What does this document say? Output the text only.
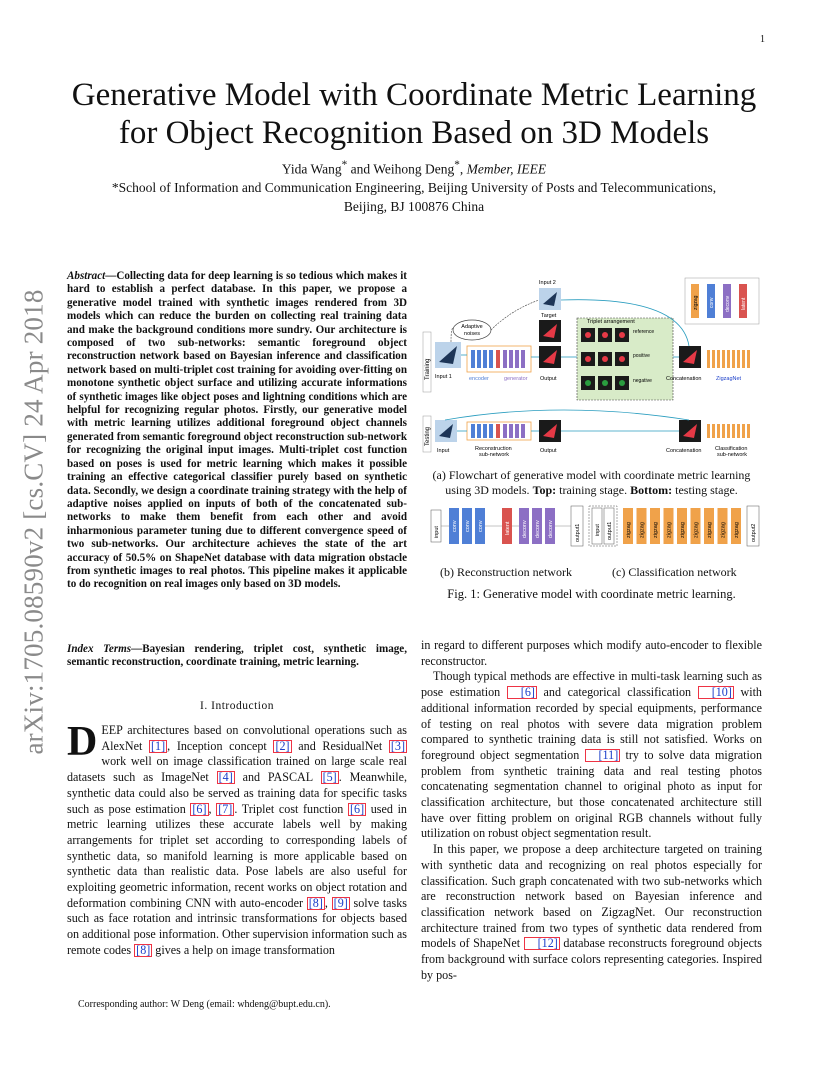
1
arXiv:1705.08590v2 [cs.CV] 24 Apr 2018
Generative Model with Coordinate Metric Learning
for Object Recognition Based on 3D Models
Yida Wang* and Weihong Deng*, Member, IEEE
*School of Information and Communication Engineering, Beijing University of Posts and Telecommunications,
Beijing, BJ 100876 China
Abstract—Collecting data for deep learning is so tedious which makes it hard to establish a perfect database. In this paper, we propose a generative model trained with synthetic images rendered from 3D models which can reduce the burden on collecting real training data and make the background conditions more sundry. Our architecture is composed of two sub-networks: semantic foreground object reconstruction network based on Bayesian inference and classification network based on multi-triplet cost training for avoiding over-fitting on monotone synthetic object surface and utilizing accurate informations of synthetic images like object poses and lightning conditions which are helpful for recognizing regular photos. Firstly, our generative model with metric learning utilizes additional foreground object channels generated from semantic foreground object reconstruction sub-network for recognizing the original input images. Multi-triplet cost function based on poses is used for metric learning which makes it possible training an effective categorical classifier purely based on synthetic data. Secondly, we design a coordinate training strategy with the help of adaptive noises applied on inputs of both of the concatenated sub-networks to make them benefit from each other and avoid inharmonious parameter tuning due to different convergence speed of two sub-networks. Our architecture achieves the state of the art accuracy of 50.5% on ShapeNet database with data migration obstacle from synthetic images to real photos. This pipeline makes it applicable to do recognition on real images only based on 3D models.
Index Terms—Bayesian rendering, triplet cost, synthetic image, semantic reconstruction, coordinate training, metric learning.
I. Introduction
DEEP architectures based on convolutional operations such as AlexNet [1] , Inception concept [2] and ResidualNet [3] work well on image classification trained on large scale real datasets such as ImageNet [4] and PASCAL [5] . Meanwhile, synthetic data could also be served as training data for specific tasks such as pose estimation [6] , [7] . Triplet cost function [6] used in metric learning utilizes these accurate labels well by making arrangements for triplet set according to corresponding labels of synthetic data, so manifold learning is more applicable based on synthetic data than realistic data. Pose labels are also useful for exploiting geometric information, recent works on object rotation and deformation combining CNN with auto-encoder [8] , [9] solve tasks such as face rotation and intrinsic transformations for objects based on additional pose information. Other supervision information such as remote codes [8] gives a help on image transformation
Corresponding author: W Deng (email: whdeng@bupt.edu.cn).

in regard to different purposes which modify auto-encoder to flexible reconstructor.

Though typical methods are effective in multi-task learning such as pose estimation [6] and categorical classification [10] with additional information recorded by special equipments, performance of testing on real photos with severe data migration problem compared to synthetic training data is still not satisfied. Works on foreground object segmentation [11] try to solve data migration problem from synthetic training data and real testing photos concatenating segmentation channel to original photo as input for classification architecture, but those concatenated architecture still have over fitting problem on original RGB channels without fully utilization on robust object segmentation result.

In this paper, we propose a deep architecture targeted on training with synthetic data and recognizing on real photos especially for classification. Such graph concatenated with two sub-networks which are reconstruction network based on Bayesian inference and classification network based on ZigzagNet. Our reconstruction architecture trained from two types of synthetic data rendered from models of ShapeNet [12] database reconstructs foreground objects from background with surface colors representing categories. Inspired by pos-

Training
Input 2
Target
Adaptive
noises
Input 1	encoder	generator Output
Triplet arrangement
reference
positive
negative	Concatenation	ZigzagNet
zigzag conv deconv latent
Testing
Input	Reconstruction
sub-network
Output	Concatenation Classification
sub-network
input conv conv conv	latent deconv deconv deconv	output1	input output1 zigzag zigzag zigzag zigzag zigzag zigzag zigzag zigzag zigzag output2
(a) Flowchart of generative model with coordinate metric learning using 3D models. Top: training stage. Bottom: testing stage.
(b) Reconstruction network	(c) Classification network
Fig. 1: Generative model with coordinate metric learning.
